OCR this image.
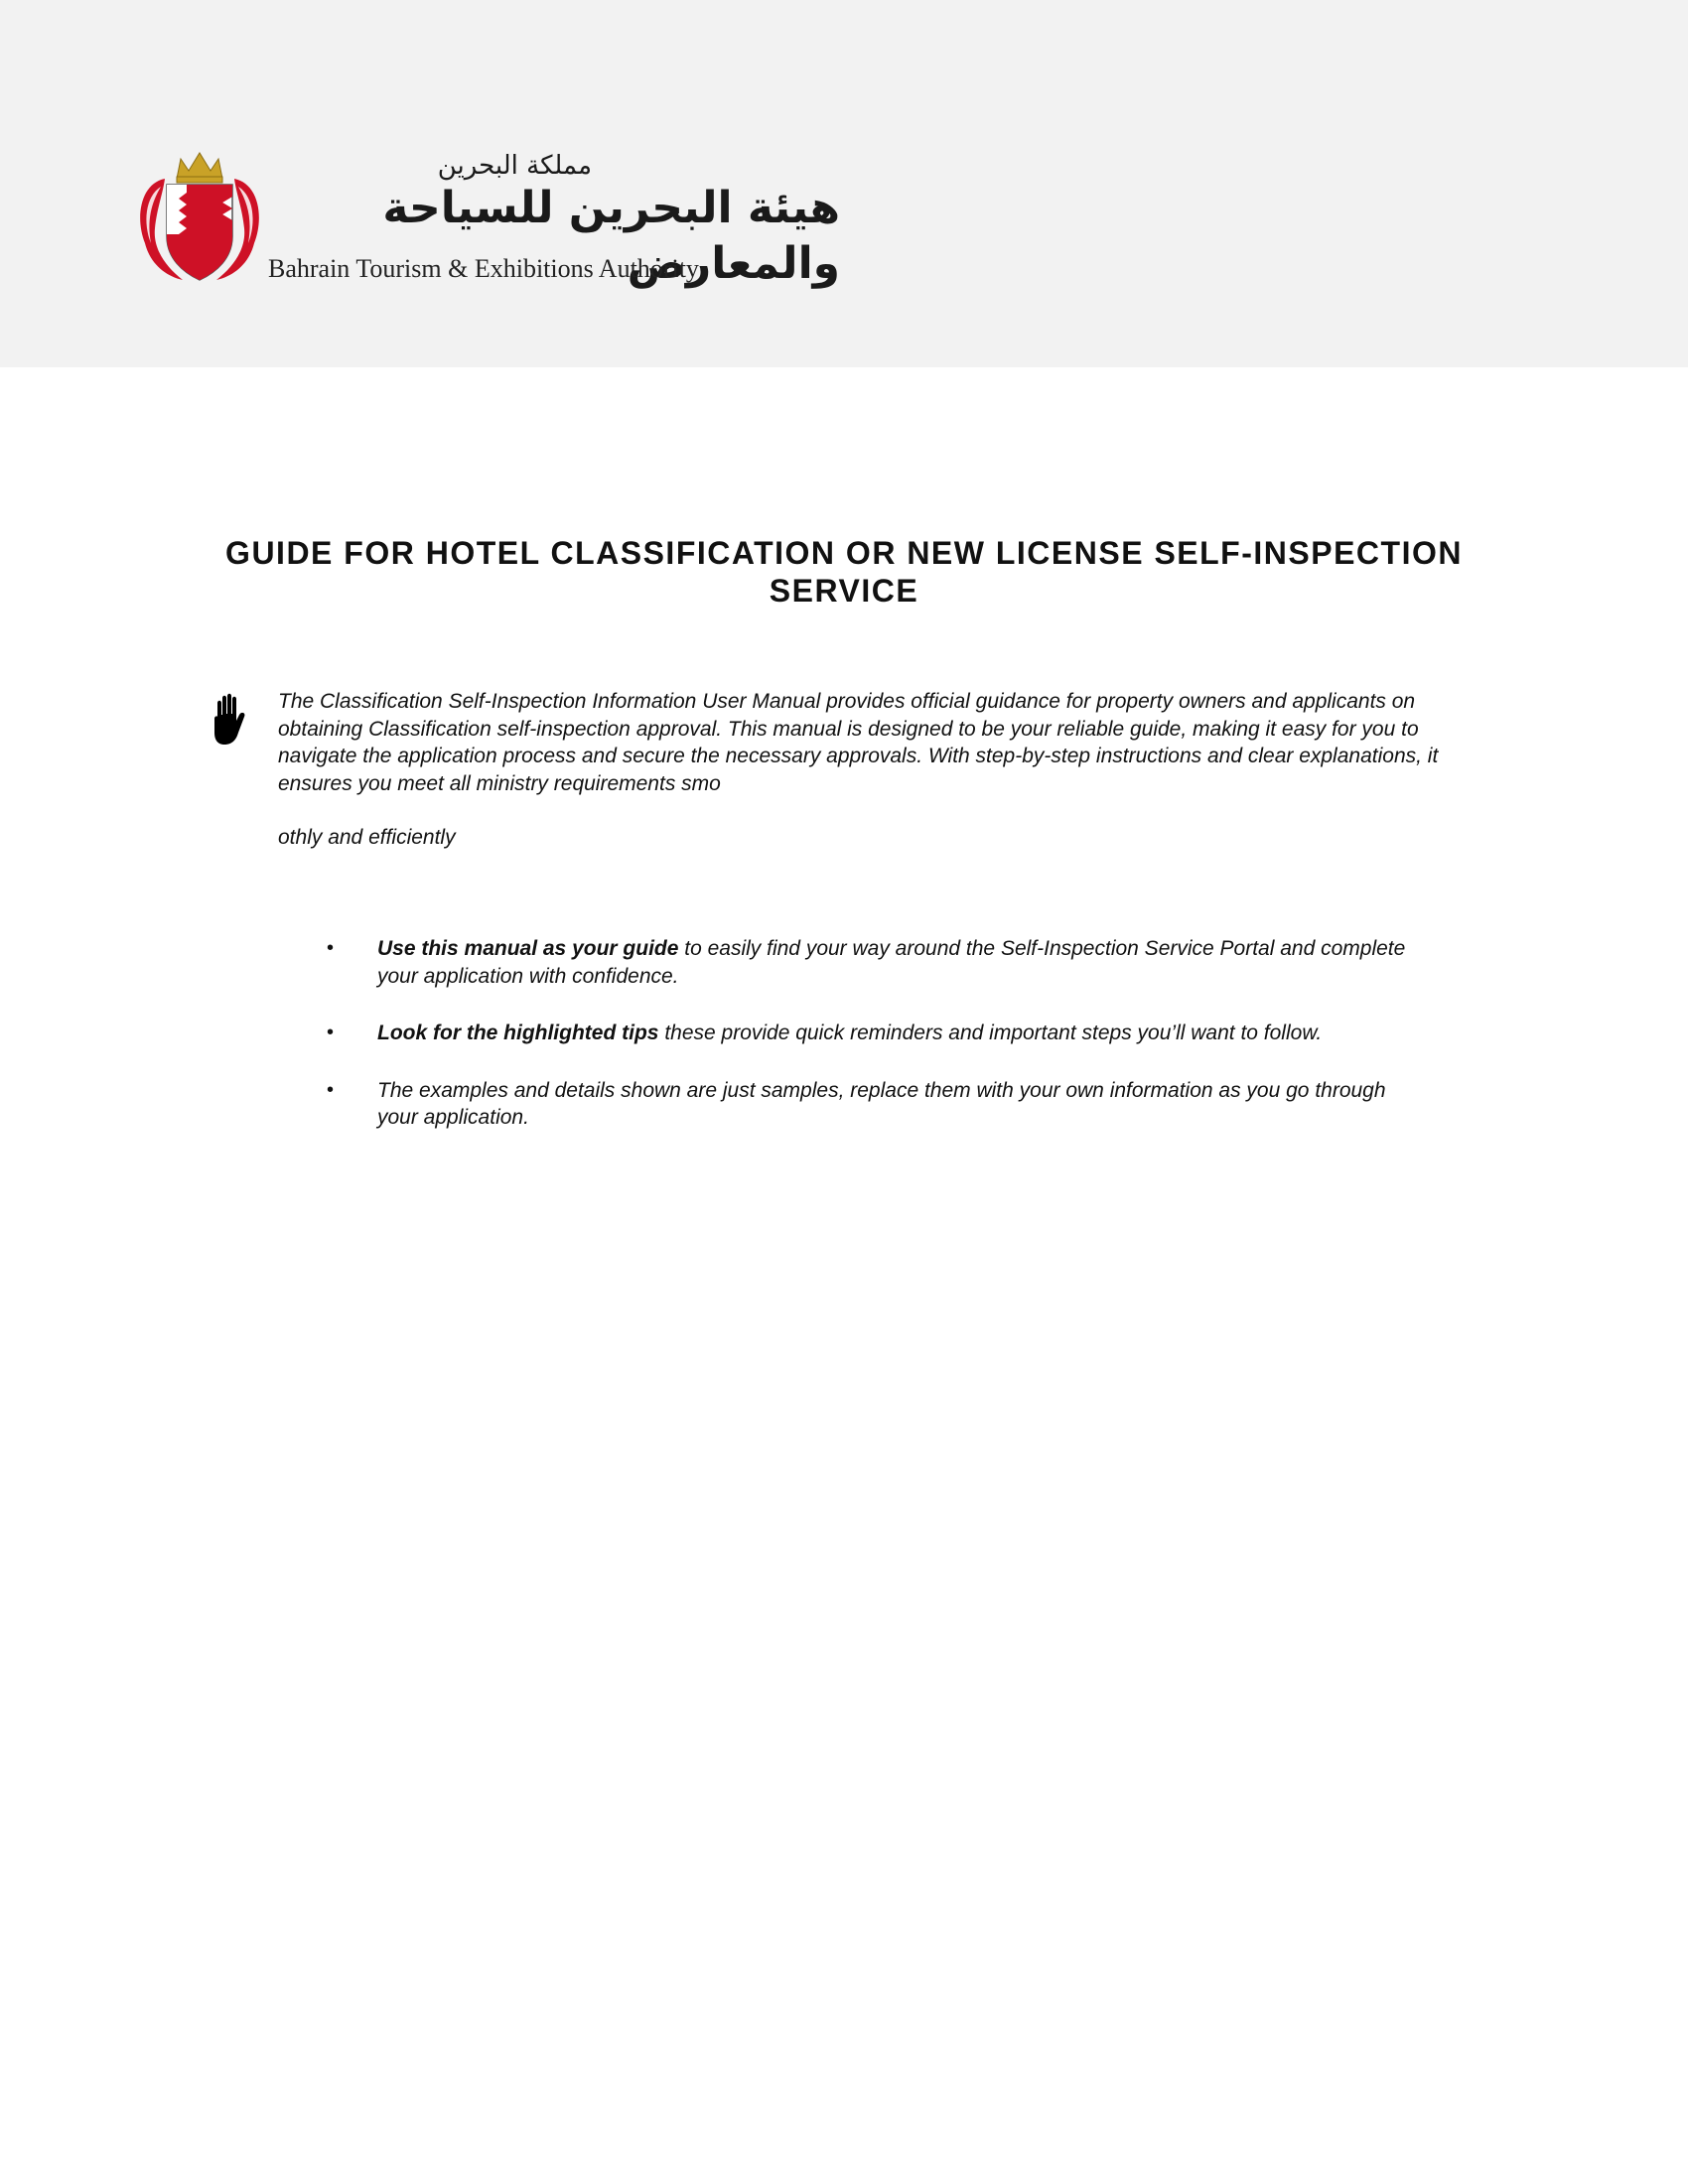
مملكة البحرين
هيئة البحرين للسياحة والمعارض
Bahrain Tourism & Exhibitions Authority
GUIDE FOR HOTEL CLASSIFICATION OR NEW LICENSE SELF-INSPECTION
SERVICE

The Classification Self-Inspection Information User Manual provides official guidance for property owners and applicants on obtaining Classification self-inspection approval. This manual is designed to be your reliable guide, making it easy for you to navigate the application process and secure the necessary approvals. With step-by-step instructions and clear explanations, it ensures you meet all ministry requirements smo

othly and efficiently

• Use this manual as your guide to easily find your way around the Self-Inspection Service Portal and complete your application with confidence.
• Look for the highlighted tips these provide quick reminders and important steps you’ll want to follow.
• The examples and details shown are just samples, replace them with your own information as you go through your application.
